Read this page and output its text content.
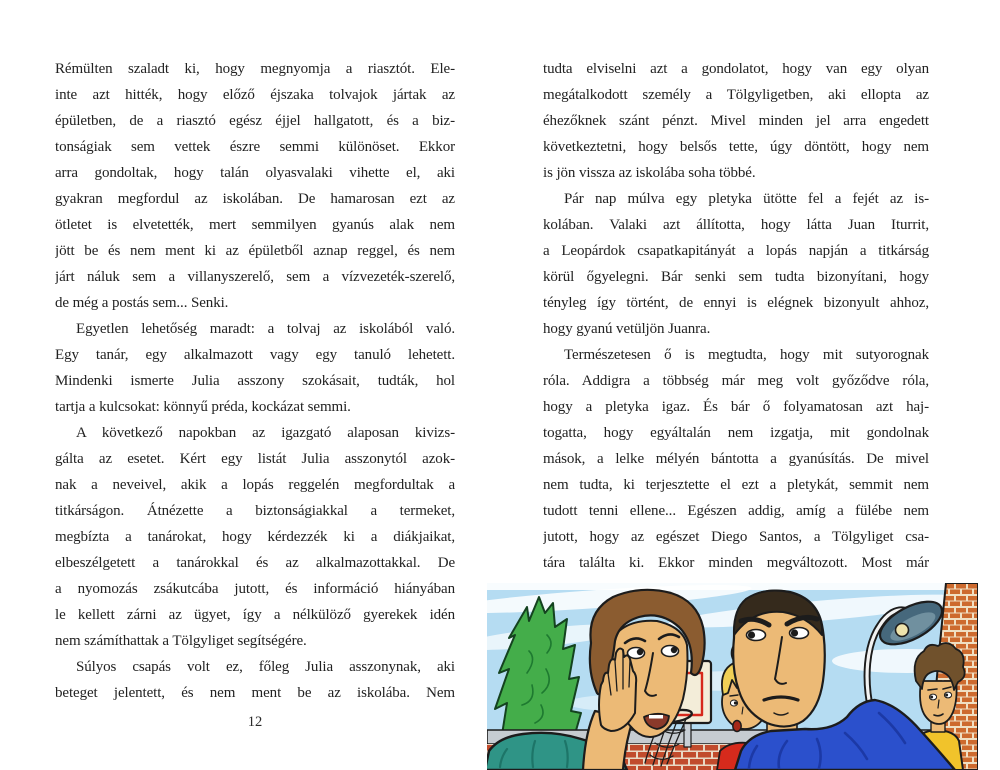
Rémülten szaladt ki, hogy megnyomja a riasztót. Ele-
inte azt hitték, hogy előző éjszaka tolvajok jártak az
épületben, de a riasztó egész éjjel hallgatott, és a biz-
tonságiak sem vettek észre semmi különöset. Ekkor
arra gondoltak, hogy talán olyasvalaki vihette el, aki
gyakran megfordul az iskolában. De hamarosan ezt az
ötletet is elvetették, mert semmilyen gyanús alak nem
jött be és nem ment ki az épületből aznap reggel, és nem
járt náluk sem a villanyszerelő, sem a vízvezeték-szerelő,
de még a postás sem... Senki.
Egyetlen lehetőség maradt: a tolvaj az iskolából való.
Egy tanár, egy alkalmazott vagy egy tanuló lehetett.
Mindenki ismerte Julia asszony szokásait, tudták, hol
tartja a kulcsokat: könnyű préda, kockázat semmi.
A következő napokban az igazgató alaposan kivizs-
gálta az esetet. Kért egy listát Julia asszonytól azok-
nak a neveivel, akik a lopás reggelén megfordultak a
titkárságon. Átnézette a biztonságiakkal a termeket,
megbízta a tanárokat, hogy kérdezzék ki a diákjaikat,
elbeszélgetett a tanárokkal és az alkalmazottakkal. De
a nyomozás zsákutcába jutott, és információ hiányában
le kellett zárni az ügyet, így a nélkülöző gyerekek idén
nem számíthattak a Tölgyliget segítségére.
Súlyos csapás volt ez, főleg Julia asszonynak, aki
beteget jelentett, és nem ment be az iskolába. Nem
12
tudta elviselni azt a gondolatot, hogy van egy olyan
megátalkodott személy a Tölgyligetben, aki ellopta az
éhezőknek szánt pénzt. Mivel minden jel arra engedett
következtetni, hogy belsős tette, úgy döntött, hogy nem
is jön vissza az iskolába soha többé.
Pár nap múlva egy pletyka ütötte fel a fejét az is-
kolában. Valaki azt állította, hogy látta Juan Iturrit,
a Leopárdok csapatkapitányát a lopás napján a titkárság
körül őgyelegni. Bár senki sem tudta bizonyítani, hogy
tényleg így történt, de ennyi is elégnek bizonyult ahhoz,
hogy gyanú vetüljön Juanra.
Természetesen ő is megtudta, hogy mit sutyorognak
róla. Addigra a többség már meg volt győződve róla,
hogy a pletyka igaz. És bár ő folyamatosan azt haj-
togatta, hogy egyáltalán nem izgatja, mit gondolnak
mások, a lelke mélyén bántotta a gyanúsítás. De mivel
nem tudta, ki terjesztette el ezt a pletykát, semmit nem
tudott tenni ellene... Egészen addig, amíg a fülébe nem
jutott, hogy az egészet Diego Santos, a Tölgyliget csa-
tára találta ki. Ekkor minden megváltozott. Most már
